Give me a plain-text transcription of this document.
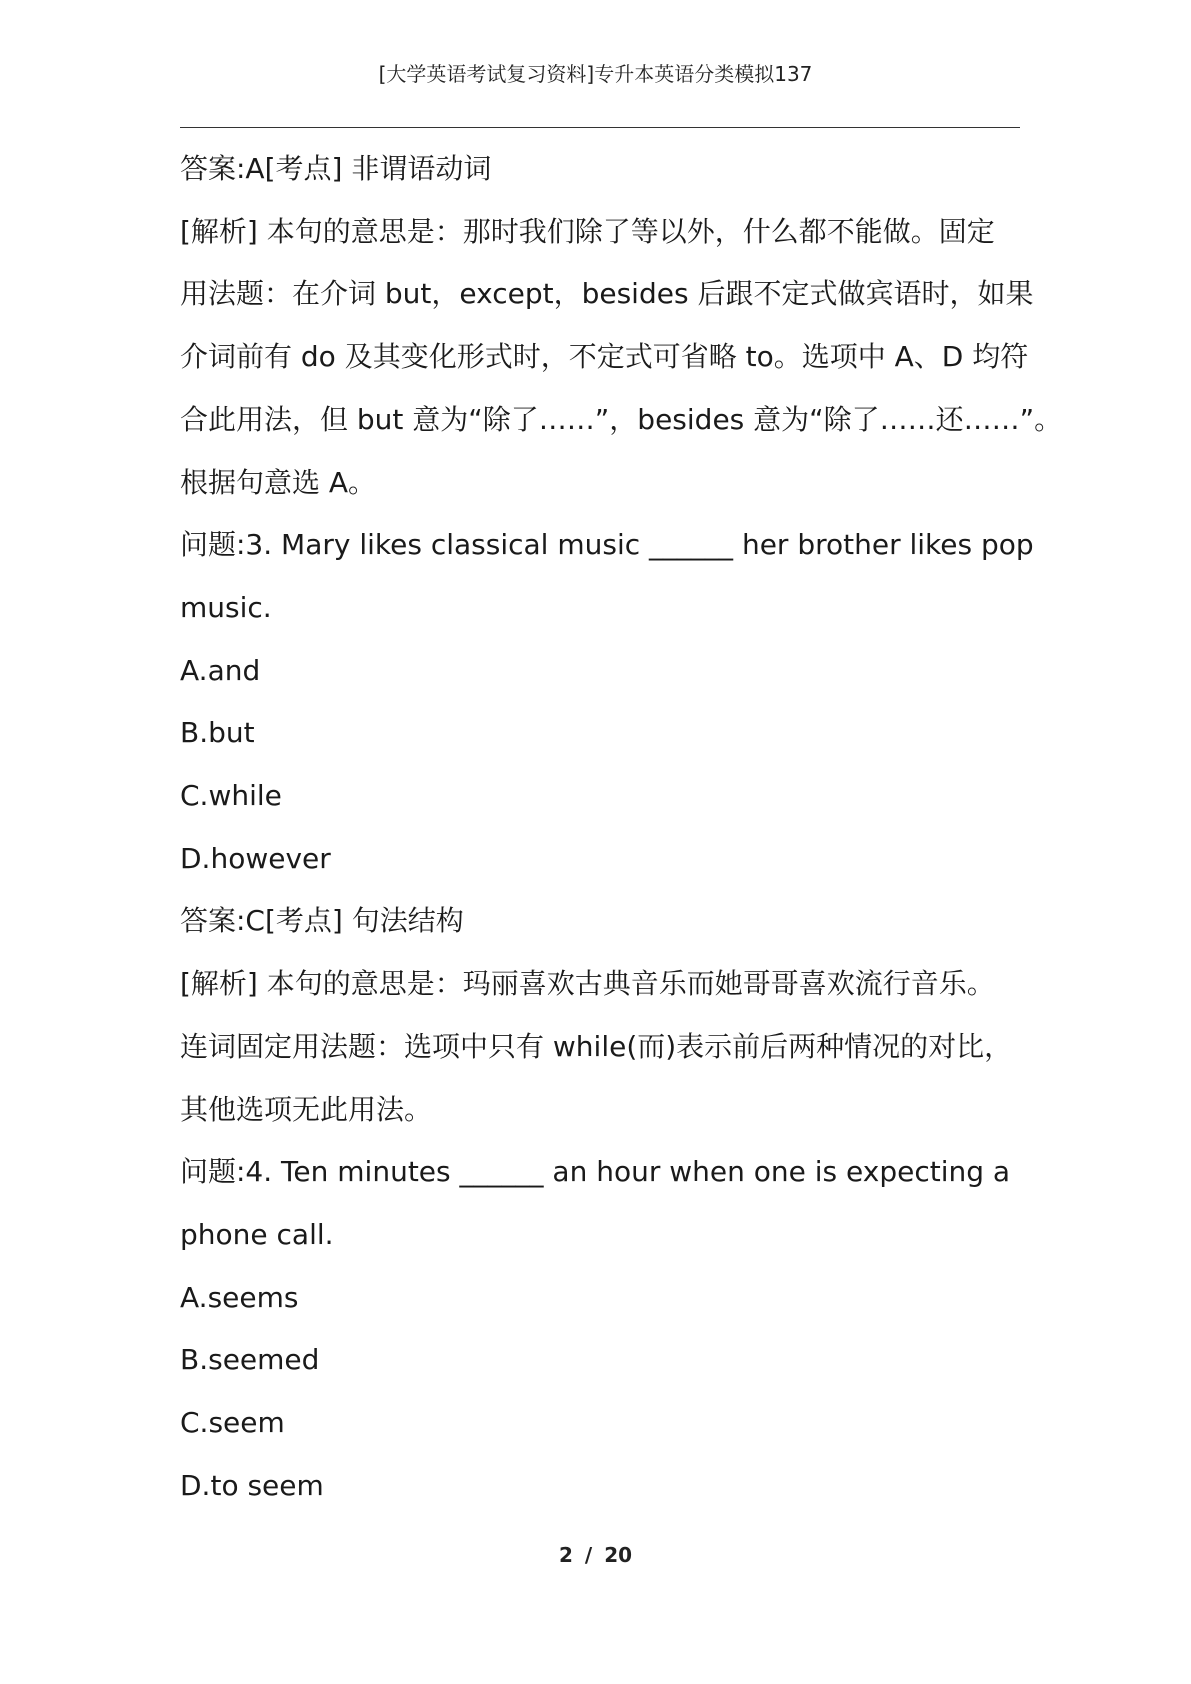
[大学英语考试复习资料]专升本英语分类模拟137
答案:A[考点] 非谓语动词
[解析] 本句的意思是：那时我们除了等以外，什么都不能做。固定
用法题：在介词 but，except，besides 后跟不定式做宾语时，如果
介词前有 do 及其变化形式时，不定式可省略 to。选项中 A、D 均符
合此用法，但 but 意为“除了……”，besides 意为“除了……还……”。
根据句意选 A。
问题:3. Mary likes classical music ______ her brother likes pop
music.
A.and
B.but
C.while
D.however
答案:C[考点] 句法结构
[解析] 本句的意思是：玛丽喜欢古典音乐而她哥哥喜欢流行音乐。
连词固定用法题：选项中只有 while(而)表示前后两种情况的对比，
其他选项无此用法。
问题:4. Ten minutes ______ an hour when one is expecting a
phone call.
A.seems
B.seemed
C.seem
D.to seem
2 / 20
